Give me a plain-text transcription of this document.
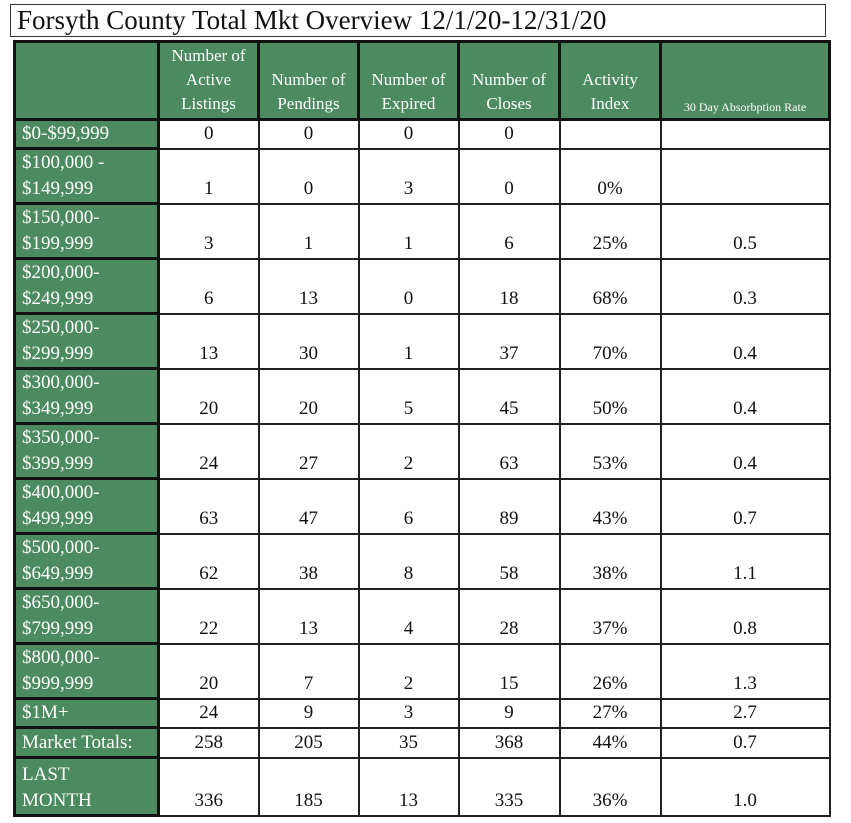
Forsyth County Total Mkt Overview 12/1/20-12/31/20
	Number of
Active
Listings	Number of
Pendings	Number of
Expired	Number of
Closes	Activity
Index	30 Day Absorbption Rate

$0-$99,999	0	0	0	0		

$100,000 -
$149,999	1	0	3	0	0%	

$150,000-
$199,999	3	1	1	6	25%	0.5

$200,000-
$249,999	6	13	0	18	68%	0.3

$250,000-
$299,999	13	30	1	37	70%	0.4

$300,000-
$349,999	20	20	5	45	50%	0.4

$350,000-
$399,999	24	27	2	63	53%	0.4

$400,000-
$499,999	63	47	6	89	43%	0.7

$500,000-
$649,999	62	38	8	58	38%	1.1

$650,000-
$799,999	22	13	4	28	37%	0.8

$800,000-
$999,999	20	7	2	15	26%	1.3

$1M+	24	9	3	9	27%	2.7

Market Totals:	258	205	35	368	44%	0.7

LAST
MONTH	336	185	13	335	36%	1.0
